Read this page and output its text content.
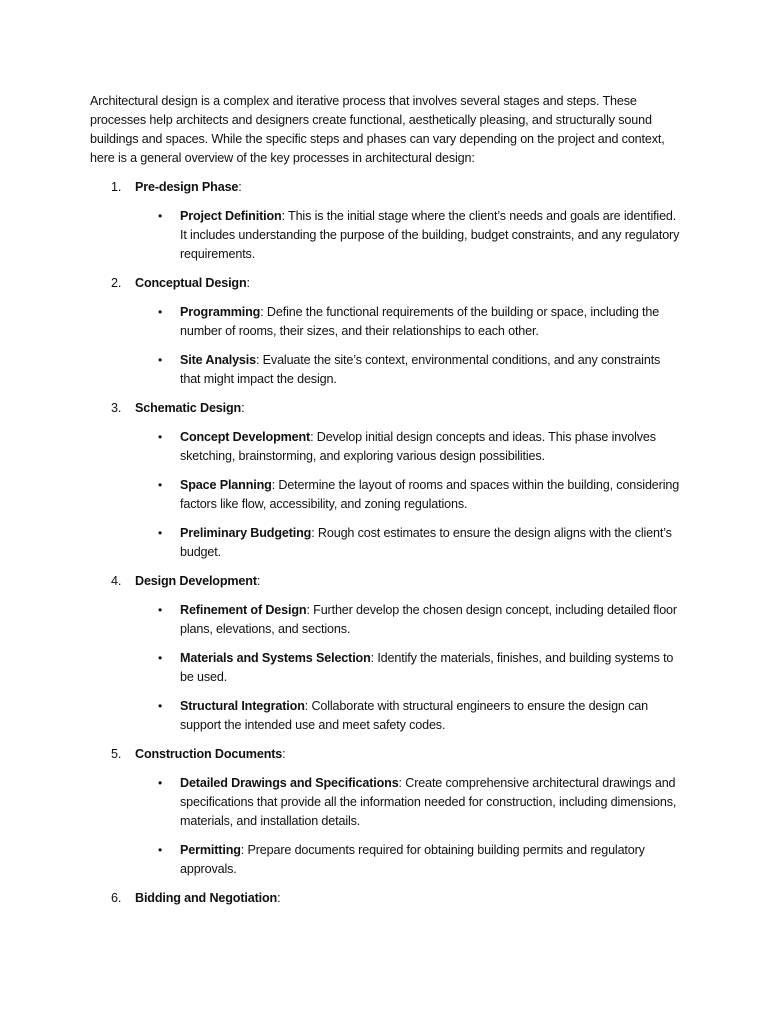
Architectural design is a complex and iterative process that involves several stages and steps. These processes help architects and designers create functional, aesthetically pleasing, and structurally sound buildings and spaces. While the specific steps and phases can vary depending on the project and context, here is a general overview of the key processes in architectural design:

1. Pre-design Phase:
• Project Definition: This is the initial stage where the client’s needs and goals are identified. It includes understanding the purpose of the building, budget constraints, and any regulatory requirements.
2. Conceptual Design:
• Programming: Define the functional requirements of the building or space, including the number of rooms, their sizes, and their relationships to each other.
• Site Analysis: Evaluate the site’s context, environmental conditions, and any constraints that might impact the design.
3. Schematic Design:
• Concept Development: Develop initial design concepts and ideas. This phase involves sketching, brainstorming, and exploring various design possibilities.
• Space Planning: Determine the layout of rooms and spaces within the building, considering factors like flow, accessibility, and zoning regulations.
• Preliminary Budgeting: Rough cost estimates to ensure the design aligns with the client’s budget.
4. Design Development:
• Refinement of Design: Further develop the chosen design concept, including detailed floor plans, elevations, and sections.
• Materials and Systems Selection: Identify the materials, finishes, and building systems to be used.
• Structural Integration: Collaborate with structural engineers to ensure the design can support the intended use and meet safety codes.
5. Construction Documents:
• Detailed Drawings and Specifications: Create comprehensive architectural drawings and specifications that provide all the information needed for construction, including dimensions, materials, and installation details.
• Permitting: Prepare documents required for obtaining building permits and regulatory approvals.
6. Bidding and Negotiation:
